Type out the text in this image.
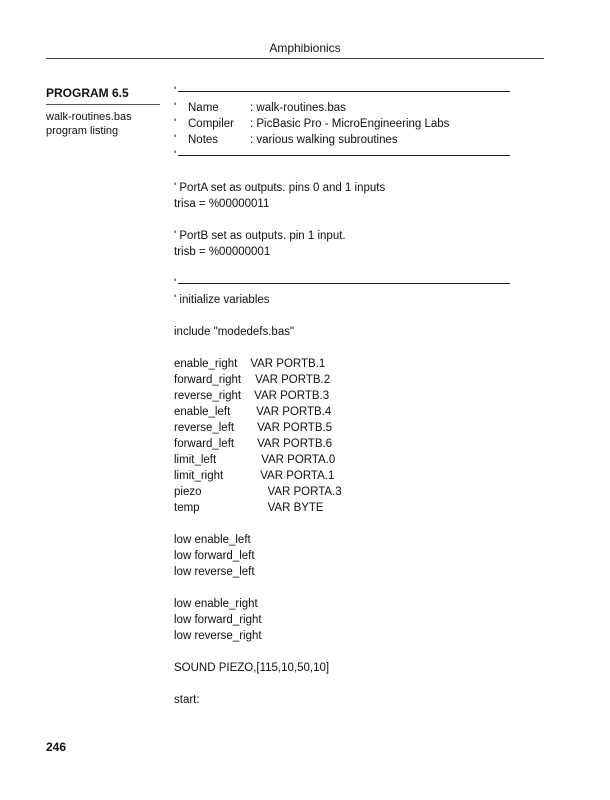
Amphibionics
PROGRAM 6.5
walk-routines.bas
program listing
'
' Name	: walk-routines.bas
' Compiler : PicBasic Pro - MicroEngineering Labs
' Notes	: various walking subroutines
'
' PortA set as outputs. pins 0 and 1 inputs
trisa = %00000011
' PortB set as outputs. pin 1 input.
trisb = %00000001
'
' initialize variables
include "modedefs.bas"
enable_right VAR PORTB.1
forward_right VAR PORTB.2
reverse_right VAR PORTB.3
enable_left VAR PORTB.4
reverse_left VAR PORTB.5
forward_left VAR PORTB.6
limit_left	VAR PORTA.0
limit_right	VAR PORTA.1
piezo	VAR PORTA.3
temp	VAR BYTE
low enable_left
low forward_left
low reverse_left
low enable_right
low forward_right
low reverse_right
SOUND PIEZO,[115,10,50,10]
start:
246
